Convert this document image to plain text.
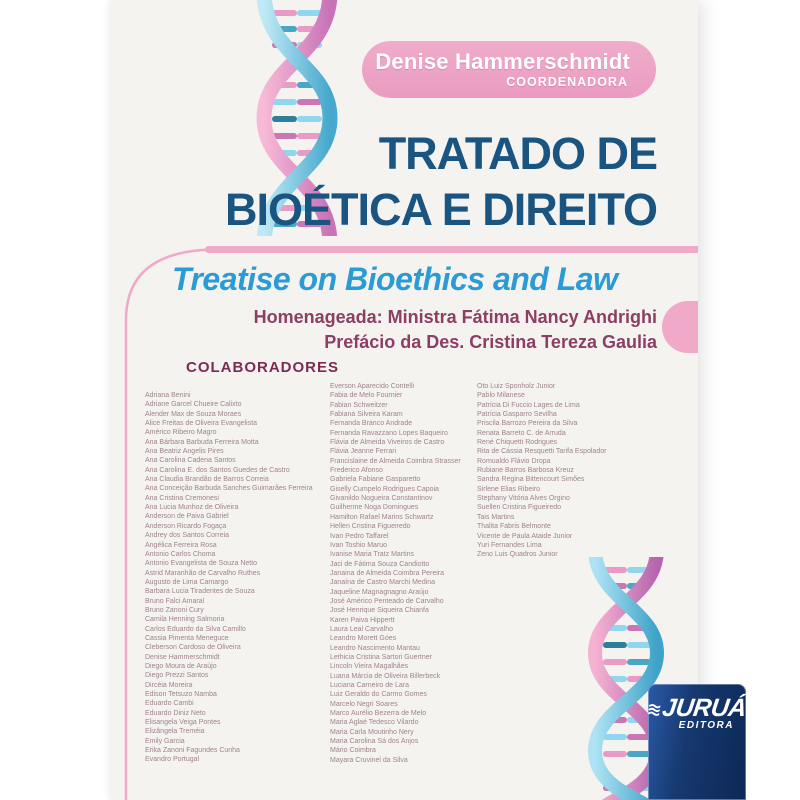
JURUÁ
EDITORA
Denise Hammerschmidt
COORDENADORA
TRATADO DE
BIOÉTICA E DIREITO
Treatise on Bioethics and Law
Homenageada: Ministra Fátima Nancy Andrighi
Prefácio da Des. Cristina Tereza Gaulia
COLABORADORES
Adriana Benini
Adriane Garcel Chueire Calixto
Alender Max de Souza Moraes
Alice Freitas de Oliveira Evangelista
Américo Ribeiro Magro
Ana Bárbara Barbuda Ferreira Motta
Ana Beatriz Angelis Pires
Ana Carolina Cadena Santos
Ana Carolina E. dos Santos Guedes de Castro
Ana Claudia Brandão de Barros Correia
Ana Conceição Barbuda Sanches Guimarães Ferreira
Ana Cristina Cremonesi
Ana Lucia Munhoz de Oliveira
Anderson de Paiva Gabriel
Anderson Ricardo Fogaça
Andrey dos Santos Correia
Angélica Ferreira Rosa
Antonio Carlos Choma
Antonio Evangelista de Souza Netto
Astrid Maranhão de Carvalho Ruthes
Augusto de Lima Camargo
Barbara Lucia Tiradentes de Souza
Bruno Falci Amaral
Bruno Zanoni Cury
Camila Henning Salmoria
Carlos Eduardo da Silva Camillo
Cassia Pimenta Meneguce
Cleberson Cardoso de Oliveira
Denise Hammerschmidt
Diego Moura de Araújo
Diego Prezzi Santos
Dircéia Moreira
Edison Tetsuzo Namba
Eduardo Cambi
Eduardo Diniz Neto
Elisangela Veiga Pontes
Elizângela Treméia
Emily Garcia
Erika Zanoni Fagundes Cunha
Evandro Portugal
Everson Aparecido Contelli
Fabia de Melo Fournier
Fabian Schweitzer
Fabiana Silveira Karam
Fernanda Branco Andrade
Fernanda Ravazzano Lopes Baqueiro
Flávia de Almeida Viveiros de Castro
Flávia Jeanne Ferrari
Francislaine de Almeida Coimbra Strasser
Frederico Afonso
Gabriela Fabiane Gasparetto
Giselly Cumpelo Rodrigues Capoia
Givanildo Nogueira Constantinov
Guilherme Noga Domingues
Hamilton Rafael Marins Schwartz
Hellen Cristina Figueiredo
Ivan Pedro Taffarel
Ivan Toshio Maruo
Ivanise Maria Tratz Martins
Jaci de Fátima Souza Candiotto
Janaina de Almeida Coimbra Pereira
Janaína de Castro Marchi Medina
Jaqueline Magnagnagno Araújo
José Américo Penteado de Carvalho
José Henrique Siqueira Chianfa
Karen Paiva Hippertt
Laura Leal Carvalho
Leandro Morett Góes
Leandro Nascimento Mantau
Lethicia Cristina Sartori Guertner
Lincoln Vieira Magalhães
Luana Márcia de Oliveira Billerbeck
Luciana Carneiro de Lara
Luiz Geraldo do Carmo Gomes
Marcelo Negri Soares
Marco Aurélio Bezerra de Melo
Maria Aglaé Tedesco Vilardo
Maria Carla Moutinho Nery
Maria Carolina Sá dos Anjos
Mário Coimbra
Mayara Cruvinel da Silva
Oto Luiz Sponholz Junior
Pablo Milanese
Patrícia Di Fuccio Lages de Lima
Patrícia Gasparro Sevilha
Priscila Barrozo Pereira da Silva
Renata Barreto C. de Arruda
René Chiquetti Rodrigues
Rita de Cássia Resquetti Tarifa Espolador
Romualdo Flávio Dropa
Rubiane Barros Barbosa Kreuz
Sandra Regina Bittencourt Simões
Sirlene Elias Ribeiro
Stephany Vitória Alves Orgino
Suellen Cristina Figueiredo
Tais Martins
Thalita Fabris Belmonte
Vicente de Paula Ataide Junior
Yuri Fernandes Lima
Zeno Luis Quadros Junior
